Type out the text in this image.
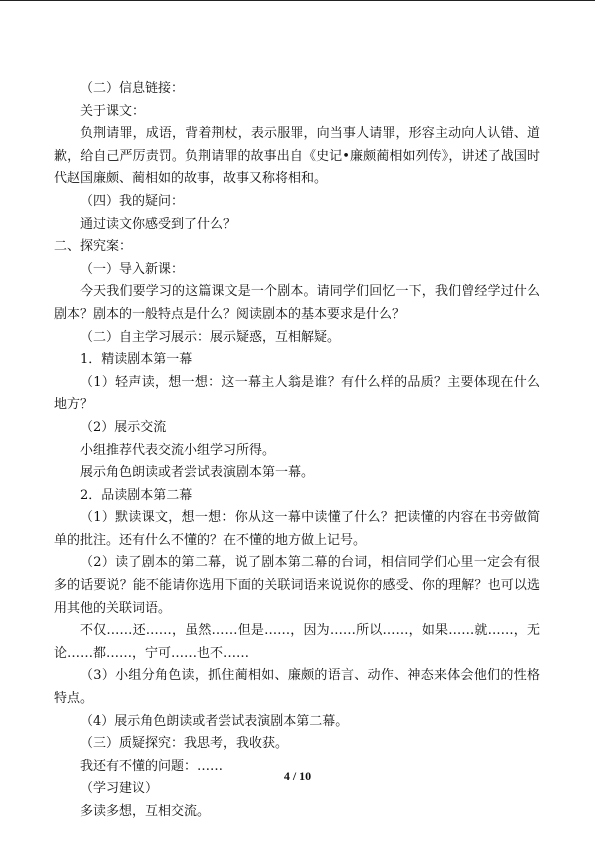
（二）信息链接：

关于课文：

负荆请罪，成语，背着荆杖，表示服罪，向当事人请罪，形容主动向人认错、道歉，给自己严厉责罚。负荆请罪的故事出自《史记•廉颇蔺相如列传》，讲述了战国时代赵国廉颇、蔺相如的故事，故事又称将相和。

（四）我的疑问：

通过读文你感受到了什么？

二、探究案：

（一）导入新课：

今天我们要学习的这篇课文是一个剧本。请同学们回忆一下，我们曾经学过什么剧本？剧本的一般特点是什么？阅读剧本的基本要求是什么？

（二）自主学习展示：展示疑惑，互相解疑。

1．精读剧本第一幕

（1）轻声读，想一想：这一幕主人翁是谁？有什么样的品质？主要体现在什么地方？

（2）展示交流

小组推荐代表交流小组学习所得。

展示角色朗读或者尝试表演剧本第一幕。

2．品读剧本第二幕

（1）默读课文，想一想：你从这一幕中读懂了什么？把读懂的内容在书旁做简单的批注。还有什么不懂的？在不懂的地方做上记号。

（2）读了剧本的第二幕，说了剧本第二幕的台词，相信同学们心里一定会有很多的话要说？能不能请你选用下面的关联词语来说说你的感受、你的理解？也可以选用其他的关联词语。

不仅……还……，虽然……但是……，因为……所以……，如果……就……，无论……都……，宁可……也不……

（3）小组分角色读，抓住蔺相如、廉颇的语言、动作、神态来体会他们的性格特点。

（4）展示角色朗读或者尝试表演剧本第二幕。

（三）质疑探究：我思考，我收获。

我还有不懂的问题：……

（学习建议）

多读多想，互相交流。

4 / 10
